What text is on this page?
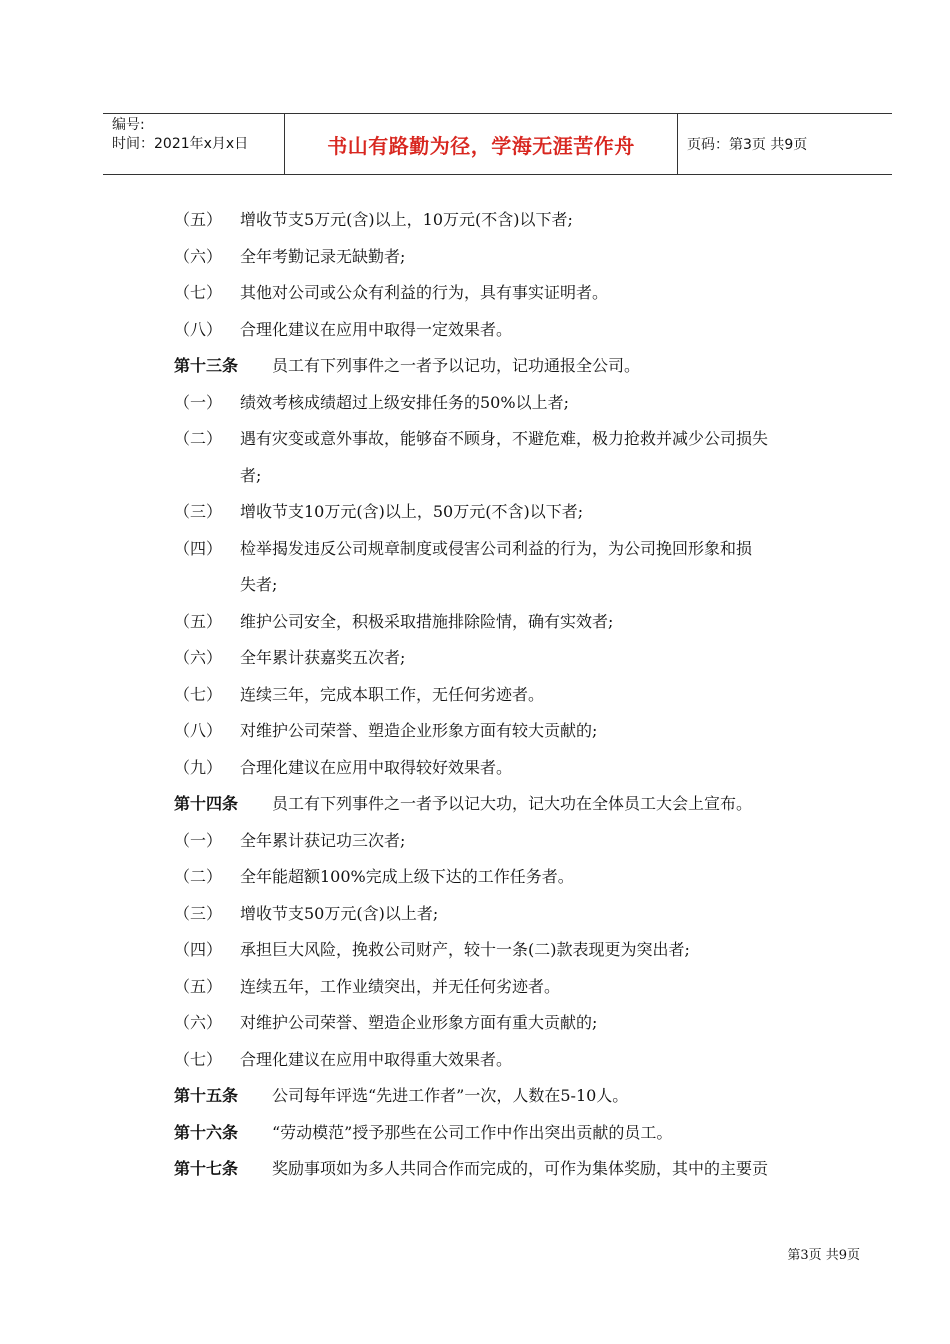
编号:
时间：2021年x月x日	书山有路勤为径，学海无涯苦作舟	页码：第3页 共9页
（五） 增收节支5万元(含)以上，10万元(不含)以下者;
（六） 全年考勤记录无缺勤者;
（七） 其他对公司或公众有利益的行为，具有事实证明者。
（八） 合理化建议在应用中取得一定效果者。
第十三条 员工有下列事件之一者予以记功，记功通报全公司。
（一） 绩效考核成绩超过上级安排任务的50%以上者;
（二） 遇有灾变或意外事故，能够奋不顾身，不避危难，极力抢救并减少公司损失
者;
（三） 增收节支10万元(含)以上，50万元(不含)以下者;
（四） 检举揭发违反公司规章制度或侵害公司利益的行为，为公司挽回形象和损
失者;
（五） 维护公司安全，积极采取措施排除险情，确有实效者;
（六） 全年累计获嘉奖五次者;
（七） 连续三年，完成本职工作，无任何劣迹者。
（八） 对维护公司荣誉、塑造企业形象方面有较大贡献的;
（九） 合理化建议在应用中取得较好效果者。
第十四条 员工有下列事件之一者予以记大功，记大功在全体员工大会上宣布。
（一） 全年累计获记功三次者;
（二） 全年能超额100%完成上级下达的工作任务者。
（三） 增收节支50万元(含)以上者;
（四） 承担巨大风险，挽救公司财产，较十一条(二)款表现更为突出者;
（五） 连续五年，工作业绩突出，并无任何劣迹者。
（六） 对维护公司荣誉、塑造企业形象方面有重大贡献的;
（七） 合理化建议在应用中取得重大效果者。
第十五条 公司每年评选“先进工作者”一次，人数在5-10人。
第十六条 “劳动模范”授予那些在公司工作中作出突出贡献的员工。
第十七条 奖励事项如为多人共同合作而完成的，可作为集体奖励，其中的主要贡
第3页 共9页
